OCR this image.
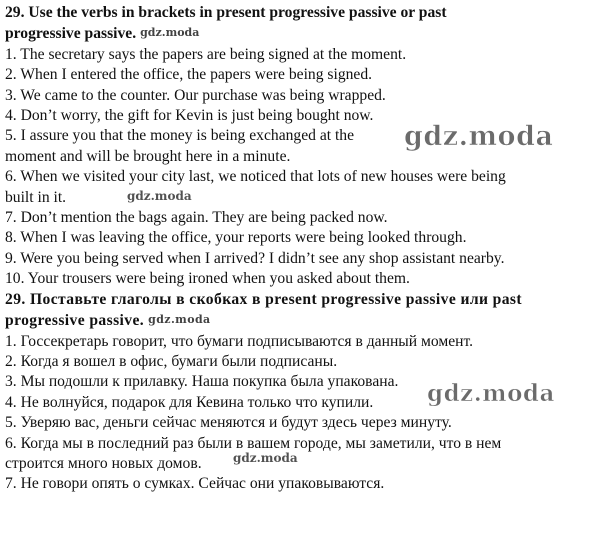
29. Use the verbs in brackets in present progressive passive or past
progressive passive. gdz.moda
1. The secretary says the papers are being signed at the moment.
2. When I entered the office, the papers were being signed.
3. We came to the counter. Our purchase was being wrapped.
4. Don’t worry, the gift for Kevin is just being bought now.
5. I assure you that the money is being exchanged at the
moment and will be brought here in a minute.
6. When we visited your city last, we noticed that lots of new houses were being
built in it.
7. Don’t mention the bags again. They are being packed now.
8. When I was leaving the office, your reports were being looked through.
9. Were you being served when I arrived? I didn’t see any shop assistant nearby.
10. Your trousers were being ironed when you asked about them.
29. Поставьте глаголы в скобках в present progressive passive или past
progressive passive. gdz.moda
1. Госсекретарь говорит, что бумаги подписываются в данный момент.
2. Когда я вошел в офис, бумаги были подписаны.
3. Мы подошли к прилавку. Наша покупка была упакована.
4. Не волнуйся, подарок для Кевина только что купили.
5. Уверяю вас, деньги сейчас меняются и будут здесь через минуту.
6. Когда мы в последний раз были в вашем городе, мы заметили, что в нем
строится много новых домов.
7. Не говори опять о сумках. Сейчас они упаковываются.
gdz.moda
gdz.moda
gdz.moda
gdz.moda
